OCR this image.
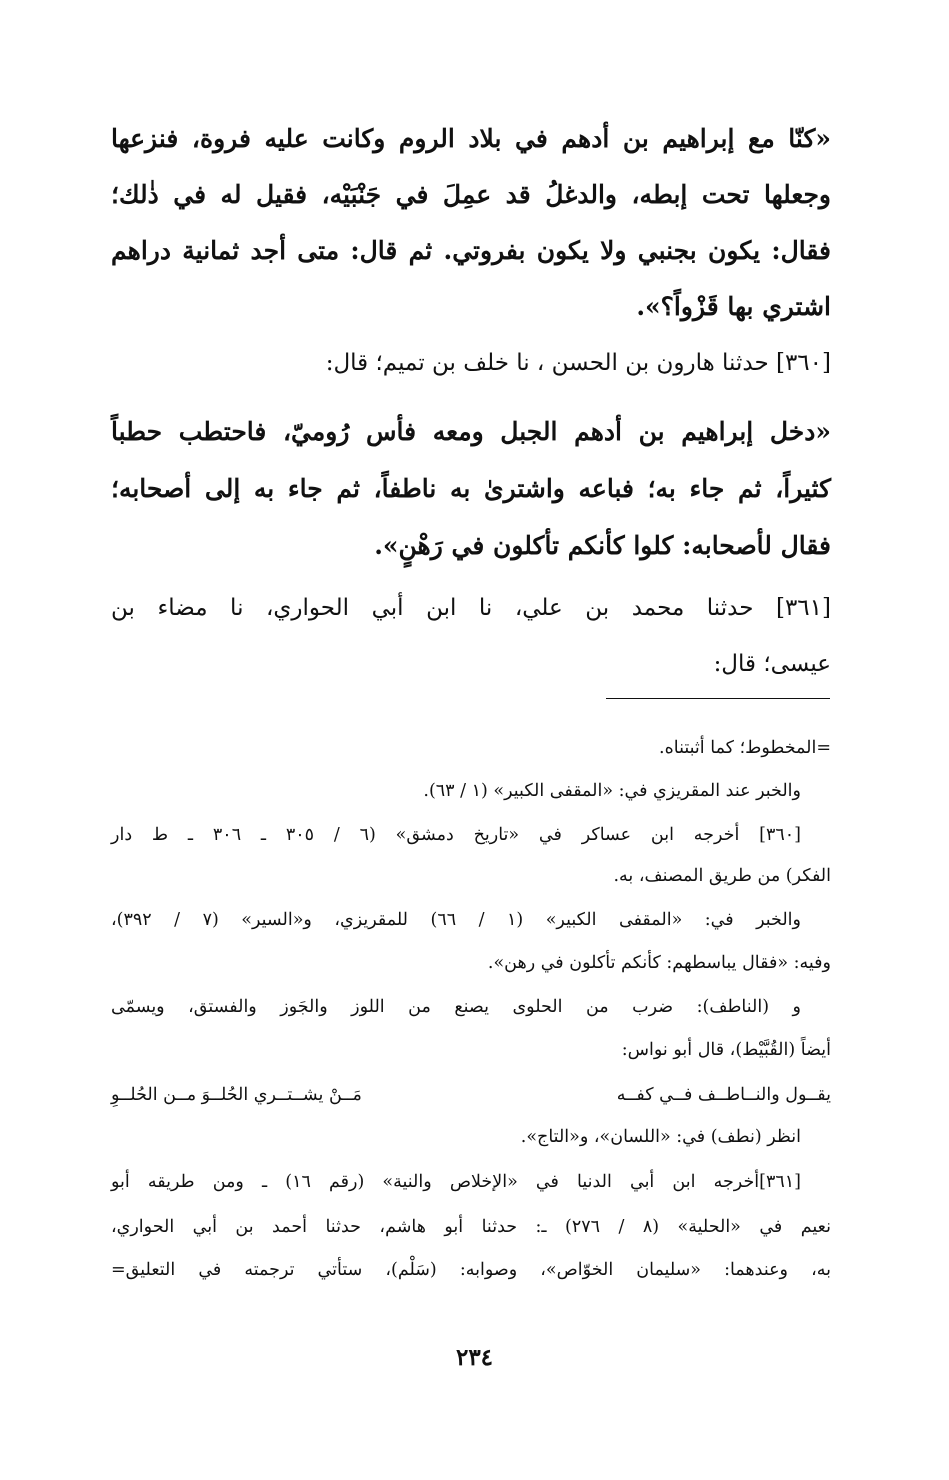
«كنّا مع إبراهيم بن أدهم في بلاد الروم وكانت عليه فروة، فنزعها
وجعلها تحت إبطه، والدغلُ قد عمِلَ في جَنْبَيْه، فقيل له في ذٰلك؛
فقال: يكون بجنبي ولا يكون بفروتي. ثم قال: متى أجد ثمانية دراهم
اشتري بها قَزْواً؟».
[٣٦٠] حدثنا هارون بن الحسن ، نا خلف بن تميم؛ قال:
«دخل إبراهيم بن أدهم الجبل ومعه فأس رُوميّ، فاحتطب حطباً
كثيراً، ثم جاء به؛ فباعه واشترىٰ به ناطفاً، ثم جاء به إلى أصحابه؛
فقال لأصحابه: كلوا كأنكم تأكلون في رَهْنٍ».
[٣٦١] حدثنا محمد بن علي، نا ابن أبي الحواري، نا مضاء بن
عيسى؛ قال:
=المخطوط؛ كما أثبتناه.
والخبر عند المقريزي في: «المقفى الكبير» (١ / ٦٣).
[٣٦٠] أخرجه ابن عساكر في «تاريخ دمشق» (٦ / ٣٠٥ ـ ٣٠٦ ـ ط دار
الفكر) من طريق المصنف، به.
والخبر في: «المقفى الكبير» (١ / ٦٦) للمقريزي، و«السير» (٧ / ٣٩٢)،
وفيه: «فقال يباسطهم: كأنكم تأكلون في رهن».
و (الناطف): ضرب من الحلوى يصنع من اللوز والجَوز والفستق، ويسمّى
أيضاً (القُبَّيْط)، قال أبو نواس:
يقــول والنــاطــف فــي كفــه
مَــنْ يشــتــري الحُلــوَ مــن الحُلــوِ
انظر (نطف) في: «اللسان»، و«التاج».
[٣٦١]أخرجه ابن أبي الدنيا في «الإخلاص والنية» (رقم ١٦) ـ ومن طريقه أبو
نعيم في «الحلية» (٨ / ٢٧٦) ـ: حدثنا أبو هاشم، حدثنا أحمد بن أبي الحواري،
به، وعندهما: «سليمان الخوّاص»، وصوابه: (سَلْم)، ستأتي ترجمته في التعليق=
٢٣٤
